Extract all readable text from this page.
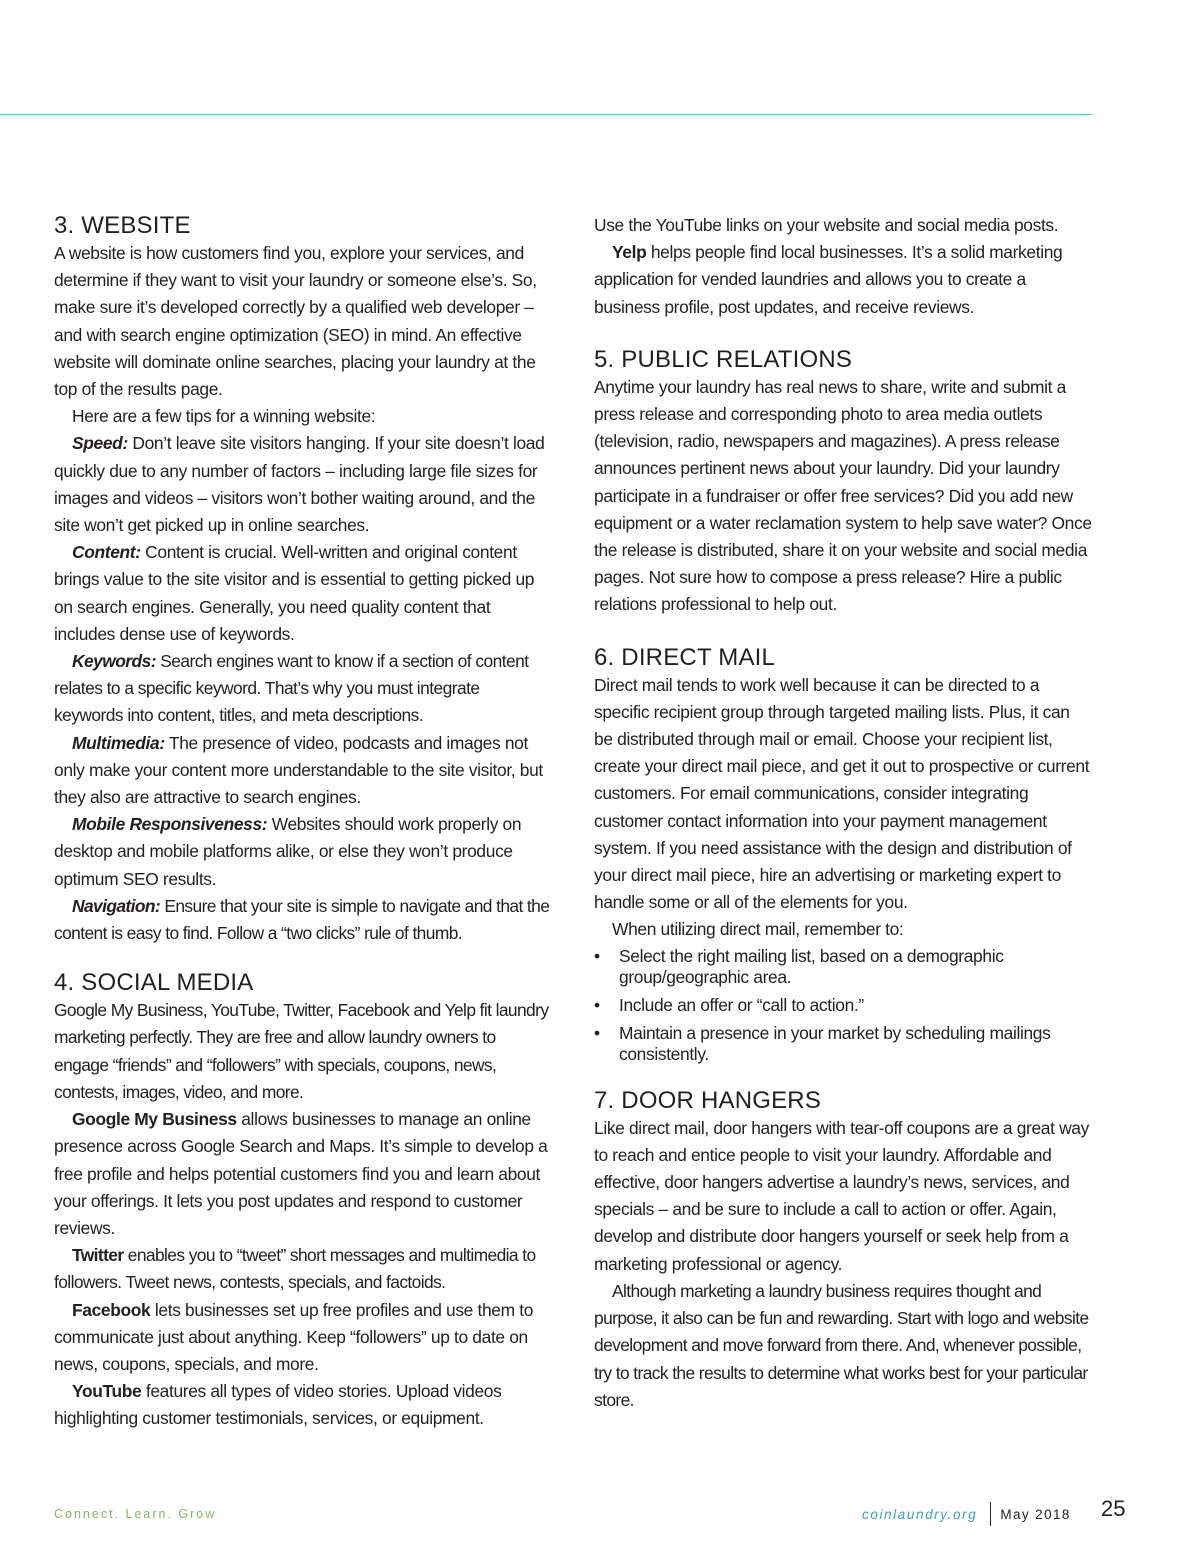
3. WEBSITE

A website is how customers find you, explore your services, and determine if they want to visit your laundry or someone else’s. So, make sure it’s developed correctly by a qualified web developer – and with search engine optimization (SEO) in mind. An effective website will dominate online searches, placing your laundry at the top of the results page.

Here are a few tips for a winning website:

Speed: Don’t leave site visitors hanging. If your site doesn’t load quickly due to any number of factors – including large file sizes for images and videos – visitors won’t bother waiting around, and the site won’t get picked up in online searches.

Content: Content is crucial. Well-written and original content brings value to the site visitor and is essential to getting picked up on search engines. Generally, you need quality content that includes dense use of keywords.

Keywords: Search engines want to know if a section of content relates to a specific keyword. That’s why you must integrate keywords into content, titles, and meta descriptions.

Multimedia: The presence of video, podcasts and images not only make your content more understandable to the site visitor, but they also are attractive to search engines.

Mobile Responsiveness: Websites should work properly on desktop and mobile platforms alike, or else they won’t produce optimum SEO results.

Navigation: Ensure that your site is simple to navigate and that the content is easy to find. Follow a “two clicks” rule of thumb.

4. SOCIAL MEDIA

Google My Business, YouTube, Twitter, Facebook and Yelp fit laundry marketing perfectly. They are free and allow laundry owners to engage “friends” and “followers” with specials, coupons, news, contests, images, video, and more.

Google My Business allows businesses to manage an online presence across Google Search and Maps. It’s simple to develop a free profile and helps potential customers find you and learn about your offerings. It lets you post updates and respond to customer reviews.

Twitter enables you to “tweet” short messages and multimedia to followers. Tweet news, contests, specials, and factoids.

Facebook lets businesses set up free profiles and use them to communicate just about anything. Keep “followers” up to date on news, coupons, specials, and more.

YouTube features all types of video stories. Upload videos highlighting customer testimonials, services, or equipment.

Use the YouTube links on your website and social media posts.

Yelp helps people find local businesses. It’s a solid marketing application for vended laundries and allows you to create a business profile, post updates, and receive reviews.

5. PUBLIC RELATIONS

Anytime your laundry has real news to share, write and submit a press release and corresponding photo to area media outlets (television, radio, newspapers and magazines). A press release announces pertinent news about your laundry. Did your laundry participate in a fundraiser or offer free services? Did you add new equipment or a water reclamation system to help save water? Once the release is distributed, share it on your website and social media pages. Not sure how to compose a press release? Hire a public relations professional to help out.

6. DIRECT MAIL

Direct mail tends to work well because it can be directed to a specific recipient group through targeted mailing lists. Plus, it can be distributed through mail or email. Choose your recipient list, create your direct mail piece, and get it out to prospective or current customers. For email communications, consider integrating customer contact information into your payment management system. If you need assistance with the design and distribution of your direct mail piece, hire an advertising or marketing expert to handle some or all of the elements for you.

When utilizing direct mail, remember to:

• Select the right mailing list, based on a demographic group/geographic area.
• Include an offer or “call to action.”
• Maintain a presence in your market by scheduling mailings consistently.
7. DOOR HANGERS

Like direct mail, door hangers with tear-off coupons are a great way to reach and entice people to visit your laundry. Affordable and effective, door hangers advertise a laundry’s news, services, and specials – and be sure to include a call to action or offer. Again, develop and distribute door hangers yourself or seek help from a marketing professional or agency.

Although marketing a laundry business requires thought and purpose, it also can be fun and rewarding. Start with logo and website development and move forward from there. And, whenever possible, try to track the results to determine what works best for your particular store.

Connect. Learn. Grow	coinlaundry.org May 2018 25
